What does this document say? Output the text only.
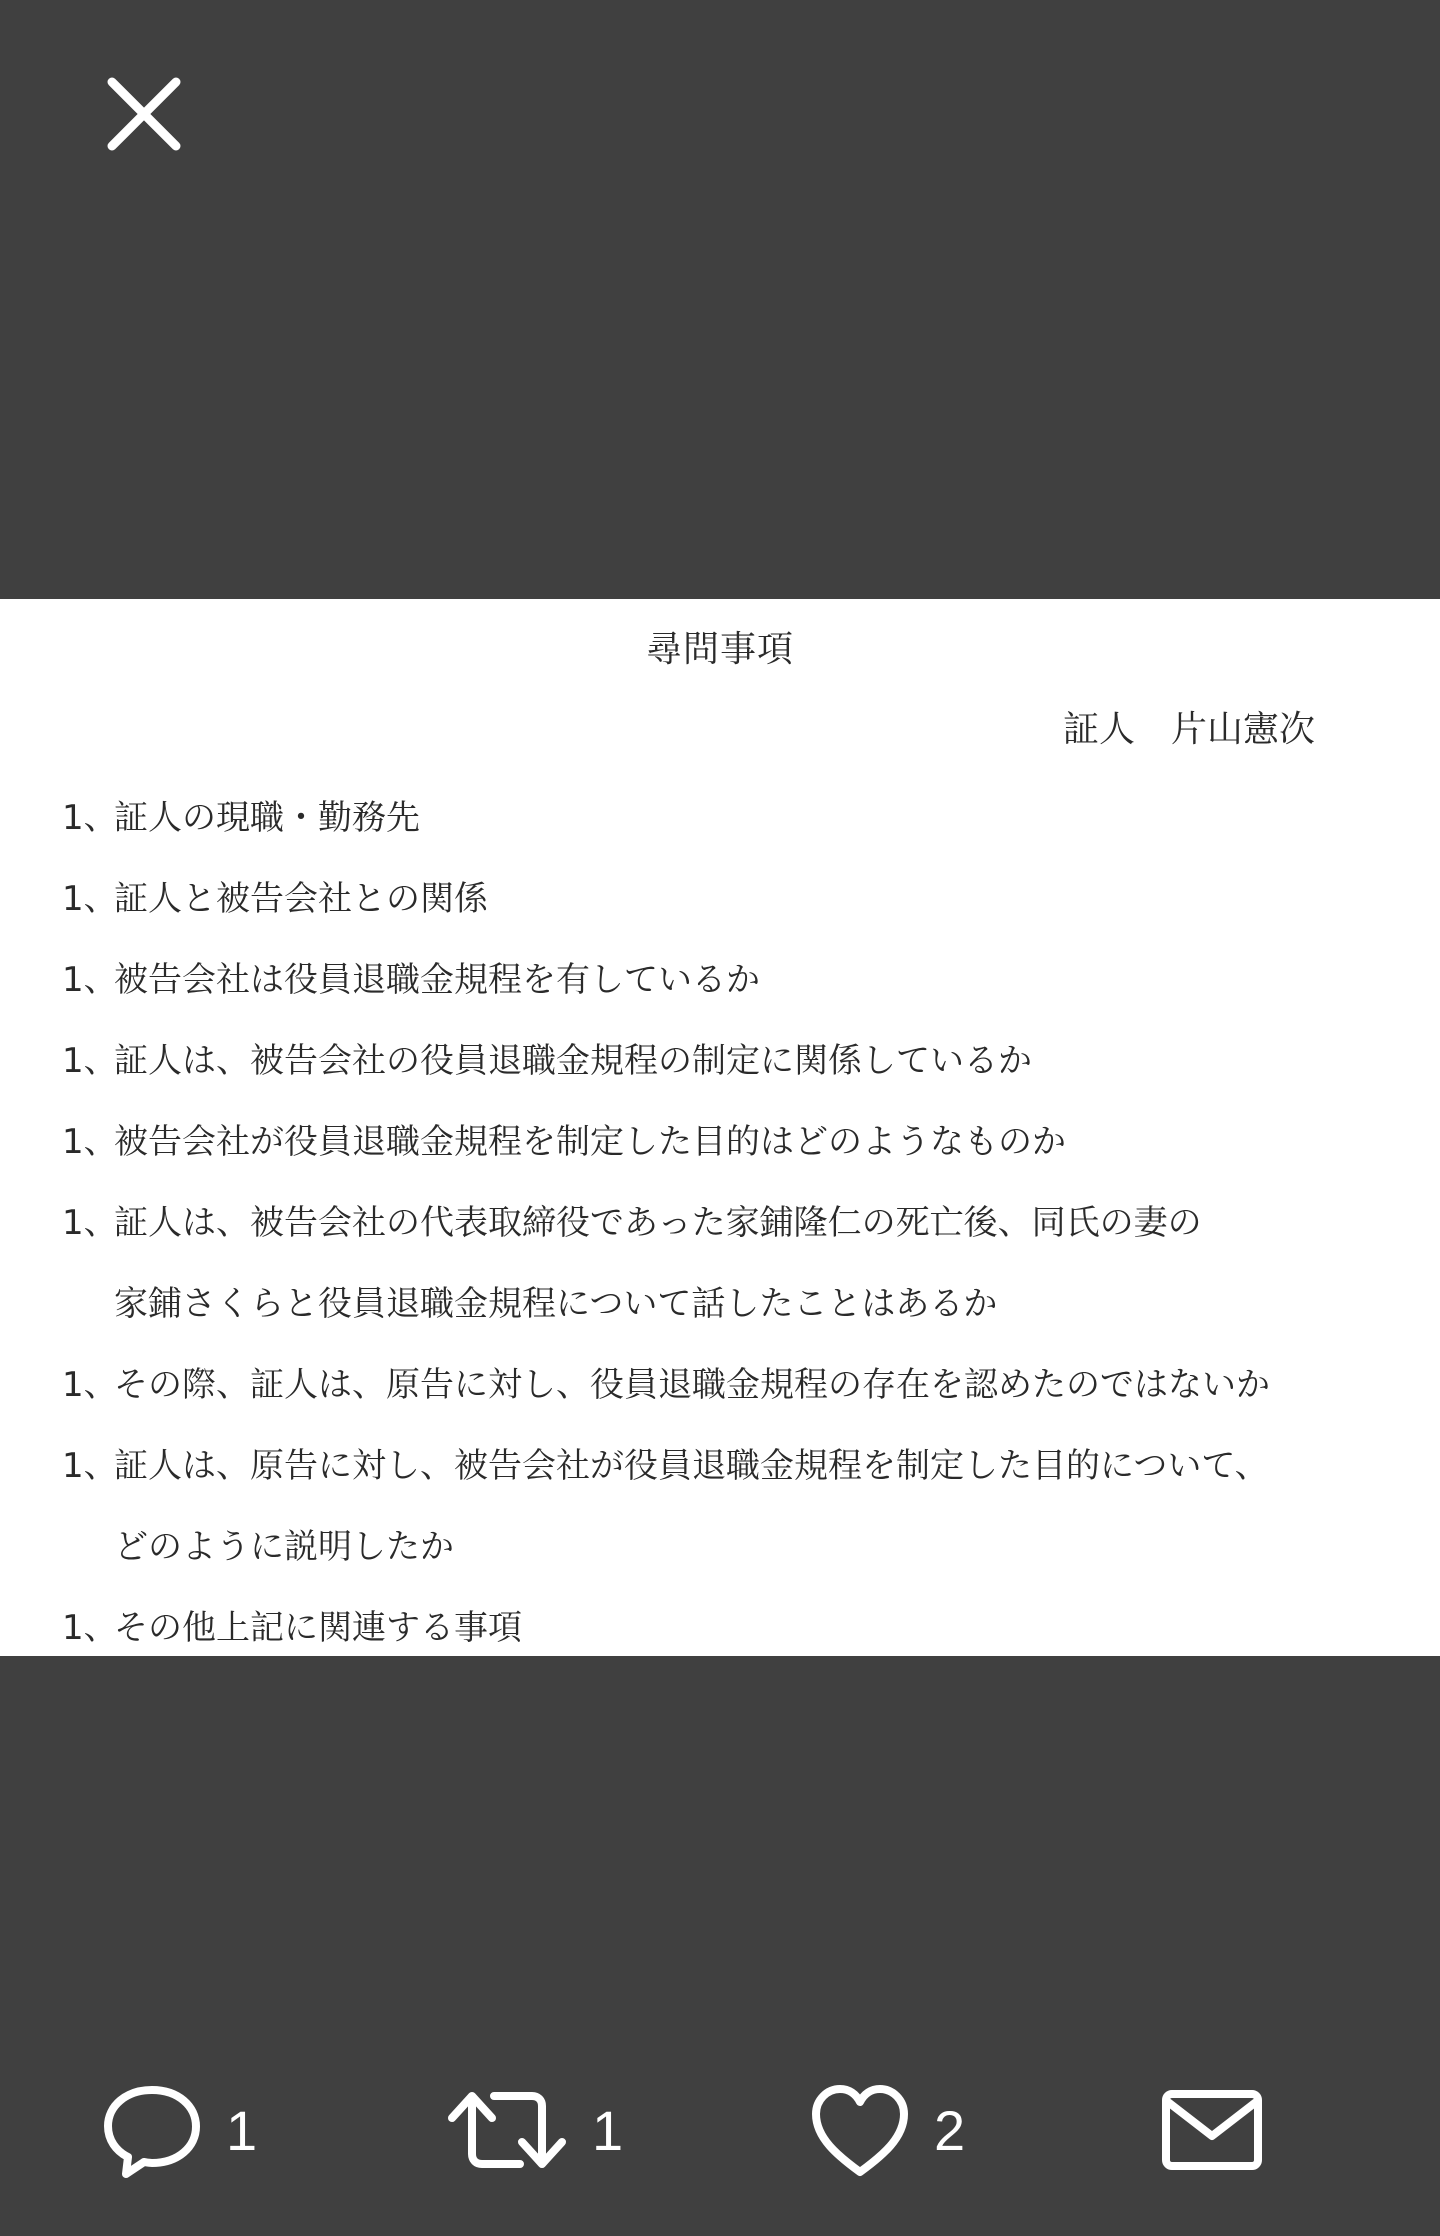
尋問事項
証人　片山憲次
1、
証人の現職・勤務先
1、
証人と被告会社との関係
1、
被告会社は役員退職金規程を有しているか
1、
証人は、被告会社の役員退職金規程の制定に関係しているか
1、
被告会社が役員退職金規程を制定した目的はどのようなものか
1、
証人は、被告会社の代表取締役であった家鋪隆仁の死亡後、同氏の妻の
家鋪さくらと役員退職金規程について話したことはあるか
1、
その際、証人は、原告に対し、役員退職金規程の存在を認めたのではないか
1、
証人は、原告に対し、被告会社が役員退職金規程を制定した目的について、
どのように説明したか
1、
その他上記に関連する事項
1	1	2
